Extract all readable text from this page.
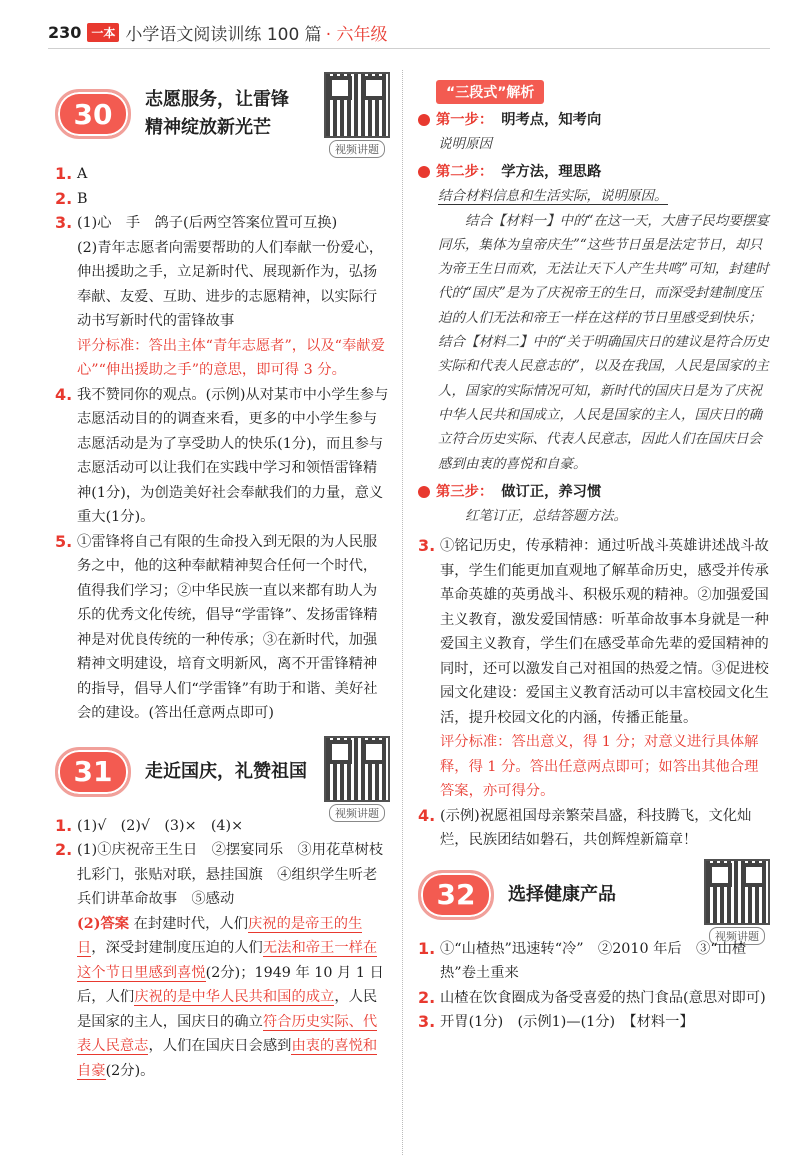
230 一本 小学语文阅读训练 100 篇 · 六年级
30	志愿服务，让雷锋
精神绽放新光芒
视频讲题
1. A
2. B
3. (1)心　手　鸽子(后两空答案位置可互换)
(2)青年志愿者向需要帮助的人们奉献一份爱心，伸出援助之手，立足新时代、展现新作为，弘扬奉献、友爱、互助、进步的志愿精神，以实际行动书写新时代的雷锋故事
评分标准：答出主体“青年志愿者”，以及“奉献爱心”“伸出援助之手”的意思，即可得 3 分。
4. 我不赞同你的观点。(示例)从对某市中小学生参与志愿活动目的的调查来看，更多的中小学生参与志愿活动是为了享受助人的快乐(1分)，而且参与志愿活动可以让我们在实践中学习和领悟雷锋精神(1分)，为创造美好社会奉献我们的力量，意义重大(1分)。
5. ①雷锋将自己有限的生命投入到无限的为人民服务之中，他的这种奉献精神契合任何一个时代，值得我们学习；②中华民族一直以来都有助人为乐的优秀文化传统，倡导“学雷锋”、发扬雷锋精神是对优良传统的一种传承；③在新时代，加强精神文明建设，培育文明新风，离不开雷锋精神的指导，倡导人们“学雷锋”有助于和谐、美好社会的建设。(答出任意两点即可)
31	走近国庆，礼赞祖国
视频讲题
1. (1)√　(2)√　(3)×　(4)×
2. (1)①庆祝帝王生日　②摆宴同乐　③用花草树枝扎彩门，张贴对联，悬挂国旗　④组织学生听老兵们讲革命故事　⑤感动
(2)答案 在封建时代，人们庆祝的是帝王的生日，深受封建制度压迫的人们无法和帝王一样在这个节日里感到喜悦(2分)；1949 年 10 月 1 日后，人们庆祝的是中华人民共和国的成立，人民是国家的主人，国庆日的确立符合历史实际、代表人民意志，人们在国庆日会感到由衷的喜悦和自豪(2分)。
“三段式”解析
第一步： 明考点，知考向
说明原因
第二步： 学方法，理思路
结合材料信息和生活实际，说明原因。
结合【材料一】中的“在这一天，大唐子民均要摆宴同乐，集体为皇帝庆生”“这些节日虽是法定节日，却只为帝王生日而欢，无法让天下人产生共鸣”可知，封建时代的“国庆”是为了庆祝帝王的生日，而深受封建制度压迫的人们无法和帝王一样在这样的节日里感受到快乐；结合【材料二】中的“关于明确国庆日的建议是符合历史实际和代表人民意志的”，以及在我国，人民是国家的主人，国家的实际情况可知，新时代的国庆日是为了庆祝中华人民共和国成立，人民是国家的主人，国庆日的确立符合历史实际、代表人民意志，因此人们在国庆日会感到由衷的喜悦和自豪。
第三步： 做订正，养习惯
红笔订正，总结答题方法。
3. ①铭记历史，传承精神：通过听战斗英雄讲述战斗故事，学生们能更加直观地了解革命历史，感受并传承革命英雄的英勇战斗、积极乐观的精神。②加强爱国主义教育，激发爱国情感：听革命故事本身就是一种爱国主义教育，学生们在感受革命先辈的爱国精神的同时，还可以激发自己对祖国的热爱之情。③促进校园文化建设：爱国主义教育活动可以丰富校园文化生活，提升校园文化的内涵，传播正能量。
评分标准：答出意义，得 1 分；对意义进行具体解释，得 1 分。答出任意两点即可；如答出其他合理答案，亦可得分。
4. (示例)祝愿祖国母亲繁荣昌盛，科技腾飞，文化灿烂，民族团结如磐石，共创辉煌新篇章！
32	选择健康产品
视频讲题
1. ①“山楂热”迅速转“冷”　②2010 年后　③“山楂热”卷土重来
2. 山楂在饮食圈成为备受喜爱的热门食品(意思对即可)
3. 开胃(1分)　(示例1)—(1分)　【材料一】
